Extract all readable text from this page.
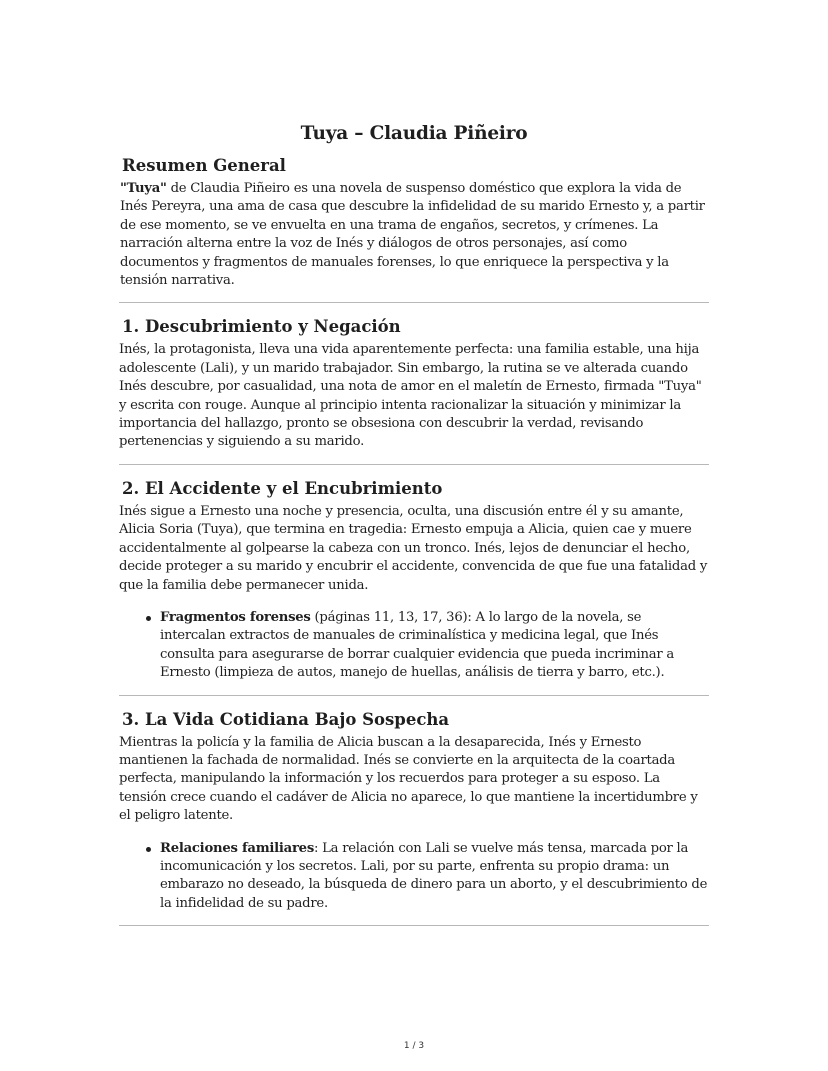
Tuya – Claudia Piñeiro
Resumen General

"Tuya" de Claudia Piñeiro es una novela de suspenso doméstico que explora la vida de Inés Pereyra, una ama de casa que descubre la infidelidad de su marido Ernesto y, a partir de ese momento, se ve envuelta en una trama de engaños, secretos, y crímenes. La narración alterna entre la voz de Inés y diálogos de otros personajes, así como documentos y fragmentos de manuales forenses, lo que enriquece la perspectiva y la tensión narrativa.

1. Descubrimiento y Negación

Inés, la protagonista, lleva una vida aparentemente perfecta: una familia estable, una hija adolescente (Lali), y un marido trabajador. Sin embargo, la rutina se ve alterada cuando Inés descubre, por casualidad, una nota de amor en el maletín de Ernesto, firmada "Tuya" y escrita con rouge. Aunque al principio intenta racionalizar la situación y minimizar la importancia del hallazgo, pronto se obsesiona con descubrir la verdad, revisando pertenencias y siguiendo a su marido.

2. El Accidente y el Encubrimiento

Inés sigue a Ernesto una noche y presencia, oculta, una discusión entre él y su amante, Alicia Soria (Tuya), que termina en tragedia: Ernesto empuja a Alicia, quien cae y muere accidentalmente al golpearse la cabeza con un tronco. Inés, lejos de denunciar el hecho, decide proteger a su marido y encubrir el accidente, convencida de que fue una fatalidad y que la familia debe permanecer unida.

Fragmentos forenses (páginas 11, 13, 17, 36): A lo largo de la novela, se intercalan extractos de manuales de criminalística y medicina legal, que Inés consulta para asegurarse de borrar cualquier evidencia que pueda incriminar a Ernesto (limpieza de autos, manejo de huellas, análisis de tierra y barro, etc.).
3. La Vida Cotidiana Bajo Sospecha

Mientras la policía y la familia de Alicia buscan a la desaparecida, Inés y Ernesto mantienen la fachada de normalidad. Inés se convierte en la arquitecta de la coartada perfecta, manipulando la información y los recuerdos para proteger a su esposo. La tensión crece cuando el cadáver de Alicia no aparece, lo que mantiene la incertidumbre y el peligro latente.

Relaciones familiares: La relación con Lali se vuelve más tensa, marcada por la incomunicación y los secretos. Lali, por su parte, enfrenta su propio drama: un embarazo no deseado, la búsqueda de dinero para un aborto, y el descubrimiento de la infidelidad de su padre.
1 / 3
